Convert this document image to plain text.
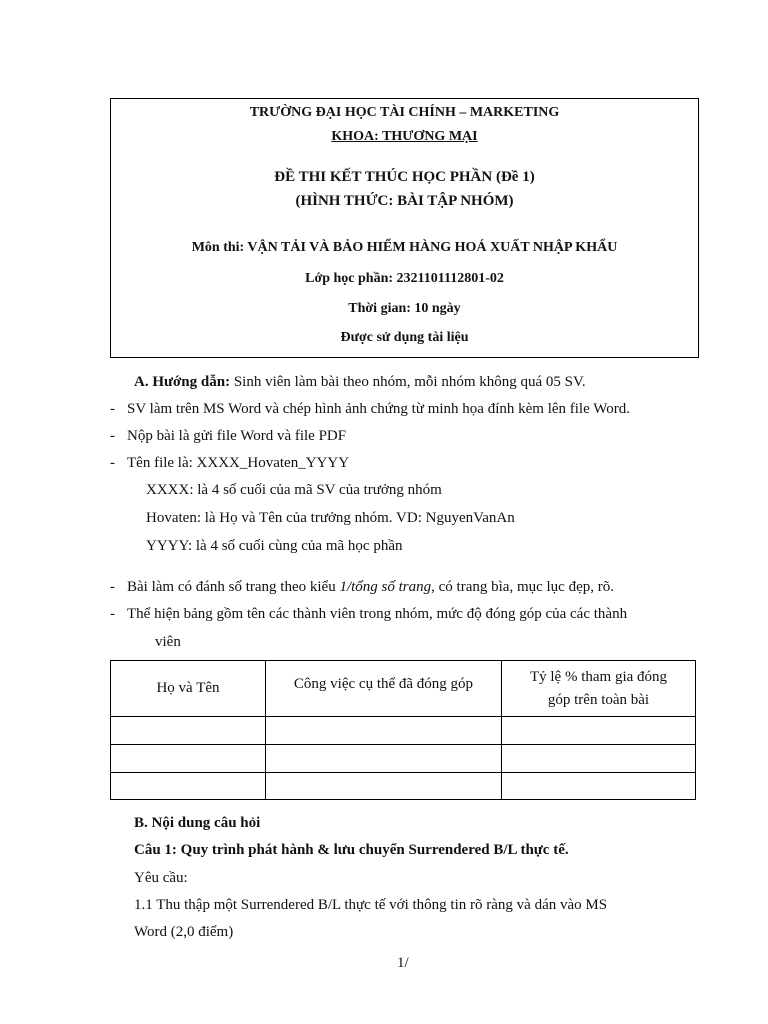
TRƯỜNG ĐẠI HỌC TÀI CHÍNH – MARKETING
KHOA: THƯƠNG MẠI
ĐỀ THI KẾT THÚC HỌC PHẦN (Đề 1)
(HÌNH THỨC: BÀI TẬP NHÓM)
Môn thi: VẬN TẢI VÀ BẢO HIỂM HÀNG HOÁ XUẤT NHẬP KHẨU
Lớp học phần: 2321101112801-02
Thời gian: 10 ngày
Được sử dụng tài liệu
A. Hướng dẫn: Sinh viên làm bài theo nhóm, mỗi nhóm không quá 05 SV.
- SV làm trên MS Word và chép hình ảnh chứng từ minh họa đính kèm lên file Word.
- Nộp bài là gửi file Word và file PDF
- Tên file là: XXXX_Hovaten_YYYY
XXXX: là 4 số cuối của mã SV của trưởng nhóm
Hovaten: là Họ và Tên của trưởng nhóm. VD: NguyenVanAn
YYYY: là 4 số cuối cùng của mã học phần
- Bài làm có đánh số trang theo kiểu 1/tổng số trang, có trang bìa, mục lục đẹp, rõ.
- Thể hiện bảng gồm tên các thành viên trong nhóm, mức độ đóng góp của các thành
viên
Họ và Tên	Công việc cụ thể đã đóng góp	Tỷ lệ % tham gia đóng
góp trên toàn bài

B. Nội dung câu hỏi
Câu 1: Quy trình phát hành & lưu chuyển Surrendered B/L thực tế.
Yêu cầu:
1.1 Thu thập một Surrendered B/L thực tế với thông tin rõ ràng và dán vào MS
Word (2,0 điểm)
1/
